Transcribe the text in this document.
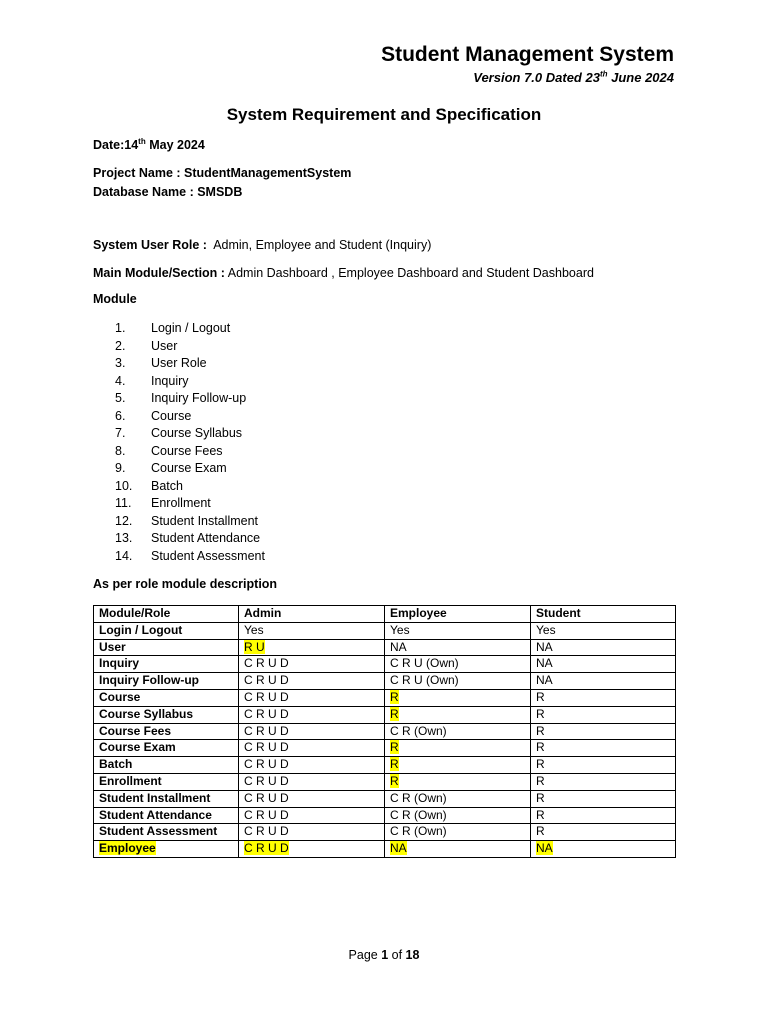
Student Management System
Version 7.0 Dated 23th June 2024
System Requirement and Specification
Date:14th May 2024
Project Name : StudentManagementSystem
Database Name : SMSDB
System User Role :  Admin, Employee and Student (Inquiry)
Main Module/Section : Admin Dashboard , Employee Dashboard and Student Dashboard
Module
1. Login / Logout
2. User
3. User Role
4. Inquiry
5. Inquiry Follow-up
6. Course
7. Course Syllabus
8. Course Fees
9. Course Exam
10. Batch
11. Enrollment
12. Student Installment
13. Student Attendance
14. Student Assessment
As per role module description
Module/Role	Admin	Employee	Student
Login / Logout	Yes	Yes	Yes
User	R U	NA	NA
Inquiry	C R U D	C R U (Own)	NA
Inquiry Follow-up	C R U D	C R U (Own)	NA
Course	C R U D	R	R
Course Syllabus	C R U D	R	R
Course Fees	C R U D	C R (Own)	R
Course Exam	C R U D	R	R
Batch	C R U D	R	R
Enrollment	C R U D	R	R
Student Installment	C R U D	C R (Own)	R
Student Attendance	C R U D	C R (Own)	R
Student Assessment	C R U D	C R (Own)	R
Employee	C R U D	NA	NA
Page 1 of 18
